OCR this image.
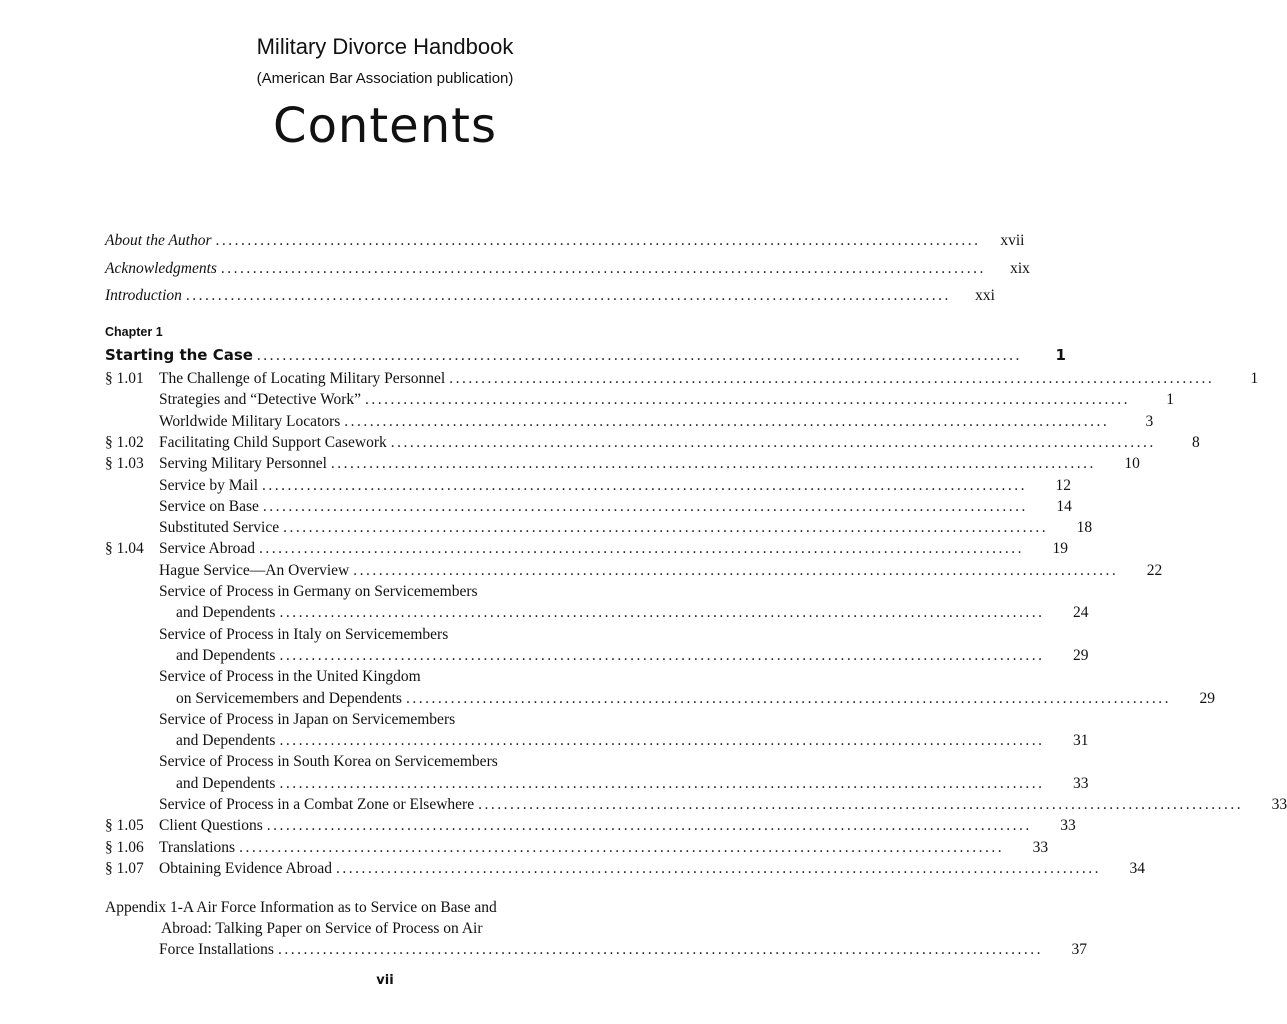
Military Divorce Handbook
(American Bar Association publication)
Contents
About the Author ........................................................................................................................	xvii
Acknowledgments ........................................................................................................................	xix
Introduction ........................................................................................................................	xxi
Chapter 1
Starting the Case ........................................................................................................................	1
§ 1.01 The Challenge of Locating Military Personnel ........................................................................................................................	1
Strategies and “Detective Work” ........................................................................................................................	1
Worldwide Military Locators ........................................................................................................................	3
§ 1.02 Facilitating Child Support Casework ........................................................................................................................	8
§ 1.03 Serving Military Personnel ........................................................................................................................	10
Service by Mail ........................................................................................................................	12
Service on Base ........................................................................................................................	14
Substituted Service ........................................................................................................................	18
§ 1.04 Service Abroad ........................................................................................................................	19
Hague Service—An Overview ........................................................................................................................	22
Service of Process in Germany on Servicemembers
and Dependents ........................................................................................................................	24
Service of Process in Italy on Servicemembers
and Dependents ........................................................................................................................	29
Service of Process in the United Kingdom
on Servicemembers and Dependents ........................................................................................................................	29
Service of Process in Japan on Servicemembers
and Dependents ........................................................................................................................	31
Service of Process in South Korea on Servicemembers
and Dependents ........................................................................................................................	33
Service of Process in a Combat Zone or Elsewhere ........................................................................................................................	33
§ 1.05 Client Questions ........................................................................................................................	33
§ 1.06 Translations ........................................................................................................................	33
§ 1.07 Obtaining Evidence Abroad ........................................................................................................................	34
Appendix 1-A Air Force Information as to Service on Base and
Abroad: Talking Paper on Service of Process on Air
Force Installations ........................................................................................................................	37
vii
